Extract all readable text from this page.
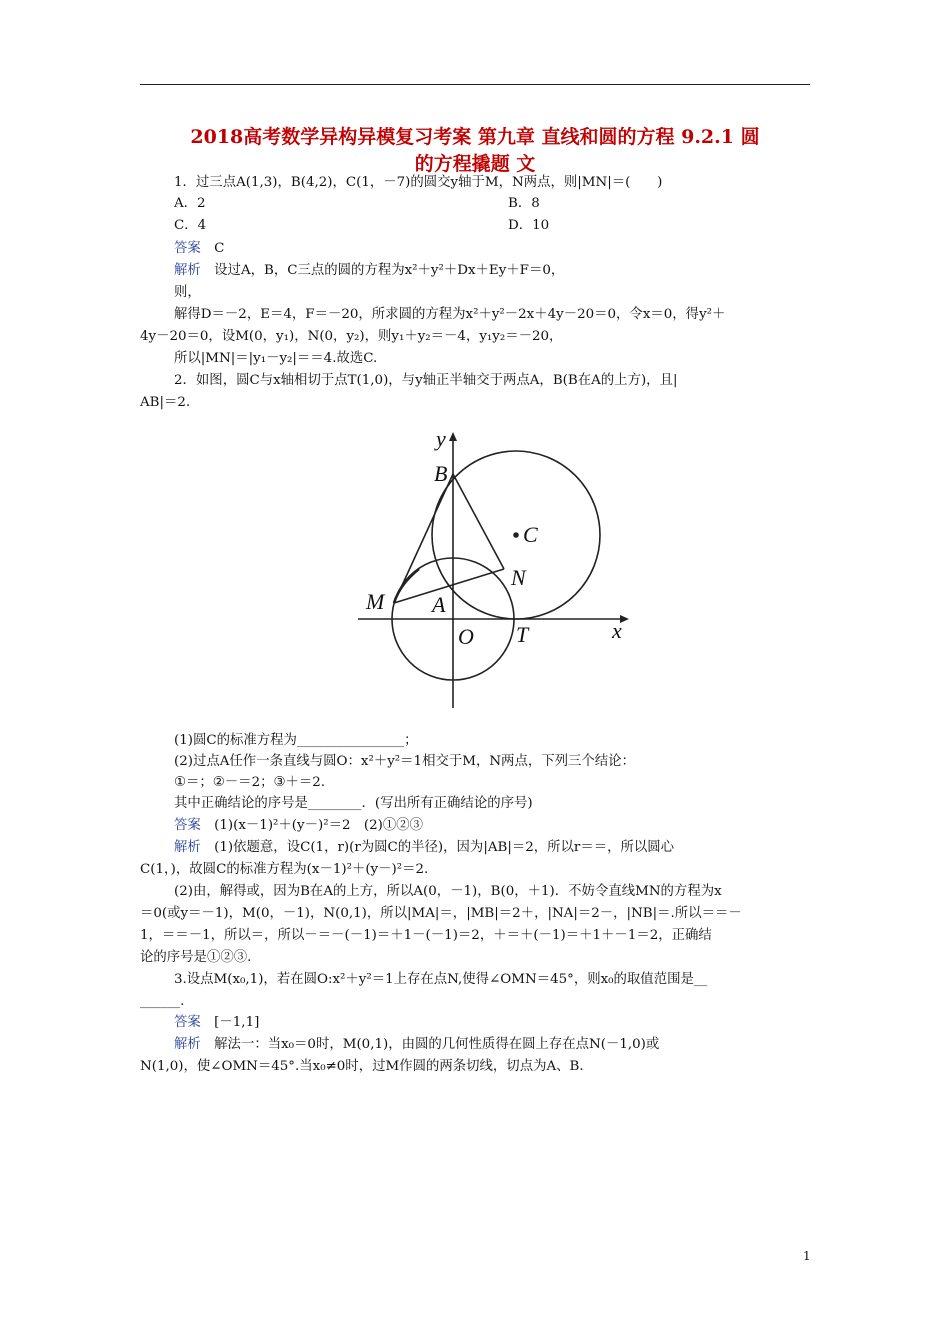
2018高考数学异构异模复习考案 第九章 直线和圆的方程 9.2.1 圆
的方程撬题 文
1．过三点A(1,3)，B(4,2)，C(1，－7)的圆交y轴于M，N两点，则|MN|＝(　　)
A．2	B．8
C．4	D．10
答案　 C
解析　 设过A，B，C三点的圆的方程为x²＋y²＋Dx＋Ey＋F＝0，
则，
解得D＝－2，E＝4，F＝－20，所求圆的方程为x²＋y²－2x＋4y－20＝0，令x＝0，得y²＋
4y－20＝0，设M(0，y₁)，N(0，y₂)，则y₁＋y₂＝－4，y₁y₂＝－20，
所以|MN|＝|y₁－y₂|＝＝4.故选C.
2．如图，圆C与x轴相切于点T(1,0)，与y轴正半轴交于两点A，B(B在A的上方)，且|
AB|＝2.
y
B
C
N
M A
O T	x
(1)圆C的标准方程为________________；
(2)过点A任作一条直线与圆O：x²＋y²＝1相交于M，N两点，下列三个结论：
①＝；②－＝2；③＋＝2.
其中正确结论的序号是________．(写出所有正确结论的序号)
答案　 (1)(x－1)²＋(y－)²＝2　(2)①②③
解析　 (1)依题意，设C(1，r)(r为圆C的半径)，因为|AB|＝2，所以r＝＝，所以圆心
C(1，)，故圆C的标准方程为(x－1)²＋(y－)²＝2.
(2)由，解得或，因为B在A的上方，所以A(0，－1)，B(0，＋1)．不妨令直线MN的方程为x
＝0(或y＝－1)，M(0，－1)，N(0,1)，所以|MA|＝，|MB|＝2＋，|NA|＝2－，|NB|＝.所以＝＝－
1，＝＝－1，所以＝，所以－＝－(－1)＝＋1－(－1)＝2，＋＝＋(－1)＝＋1＋－1＝2，正确结
论的序号是①②③.
3.设点M(x₀,1)，若在圆O:x²＋y²＝1上存在点N,使得∠OMN＝45°，则x₀的取值范围是__
______.
答案　 [－1,1]
解析　 解法一：当x₀＝0时，M(0,1)，由圆的几何性质得在圆上存在点N(－1,0)或
N(1,0)，使∠OMN＝45°.当x₀≠0时，过M作圆的两条切线，切点为A、B.
1
